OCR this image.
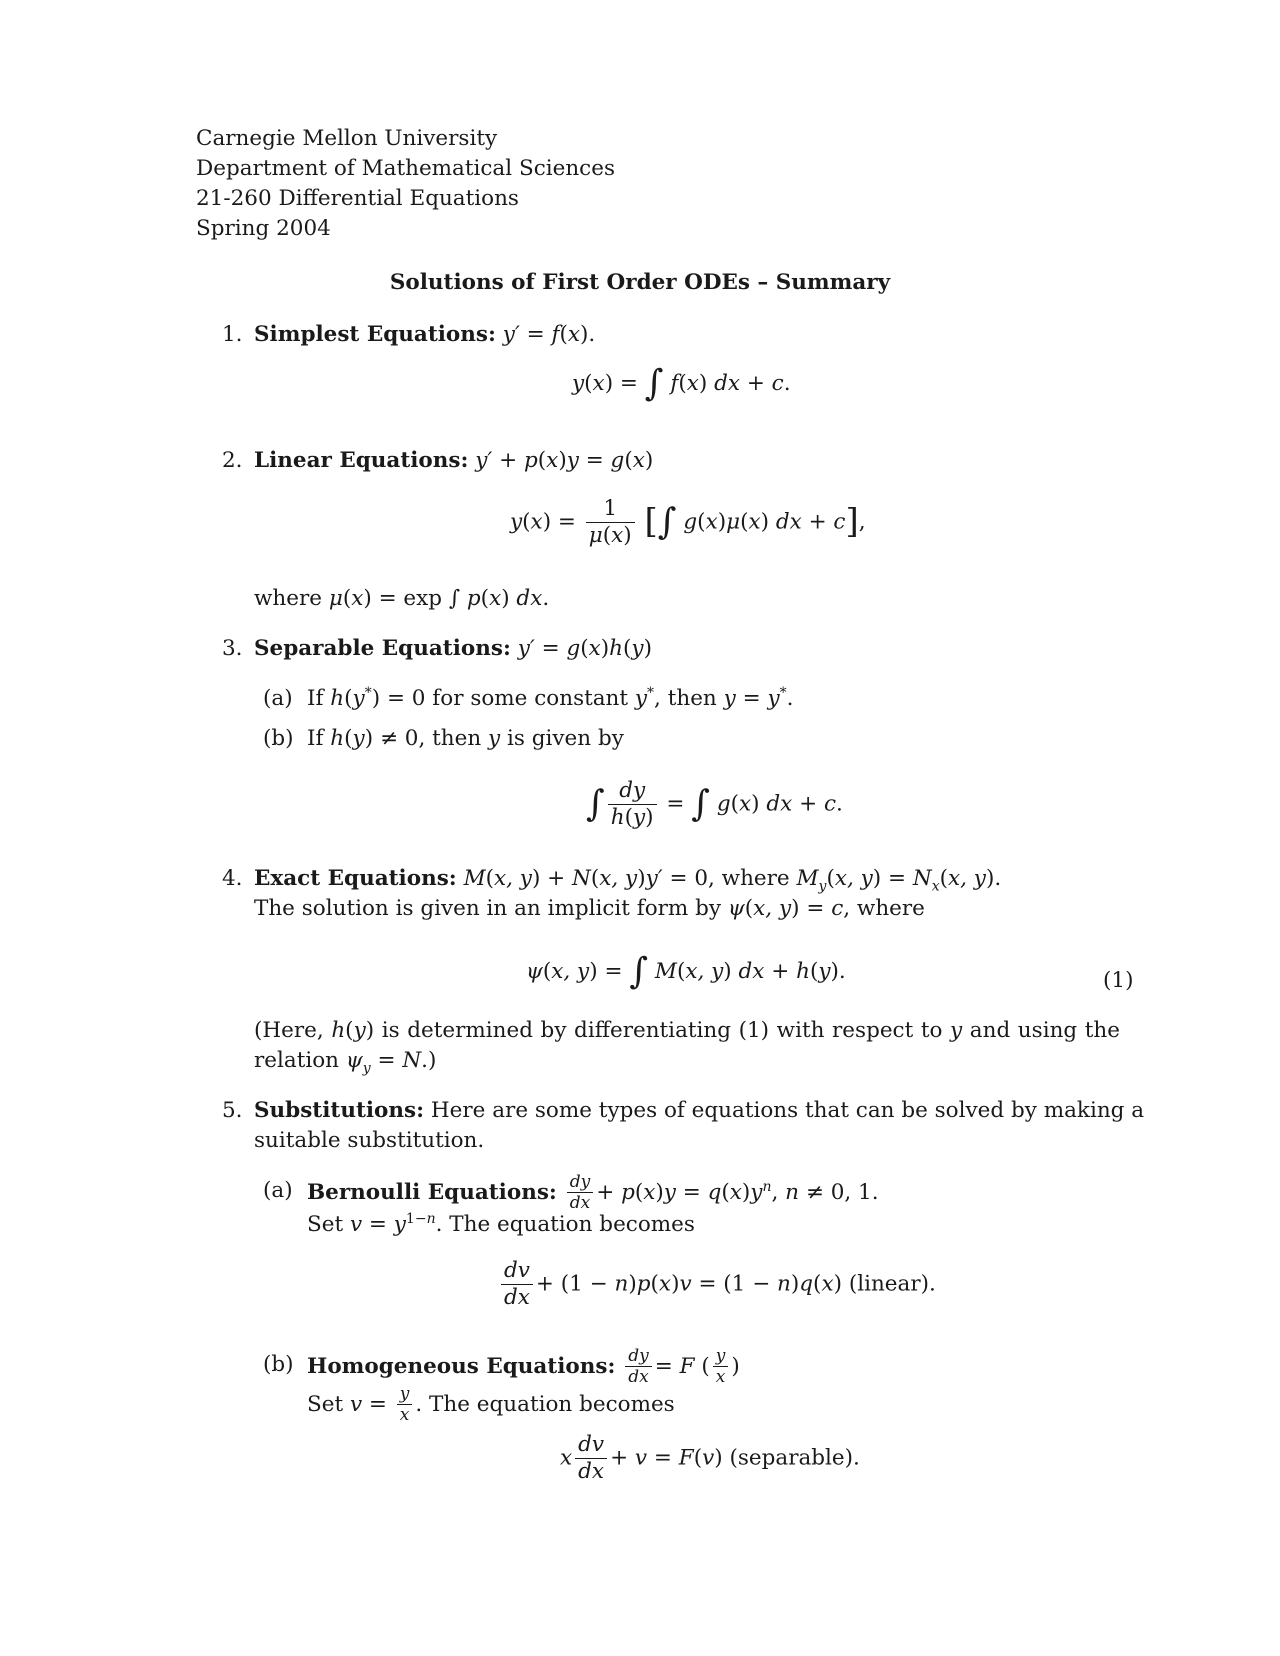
Carnegie Mellon University
Department of Mathematical Sciences
21-260 Differential Equations
Spring 2004
Solutions of First Order ODEs – Summary
1. Simplest Equations: y′ = f(x).
y(x) = ∫ f(x) dx + c.
2. Linear Equations: y′ + p(x)y = g(x)
$y(x) = \frac{1}{\mu(x)}$ [∫ g(x)μ(x) dx + c],
where μ(x) = exp ∫ p(x) dx.
3. Separable Equations: y′ = g(x)h(y)
(a) If h(y*) = 0 for some constant y*, then y = y*.
(b) If h(y) ≠ 0, then y is given by
∫ $\frac{dy}{h(y)}$ = ∫ g(x) dx + c.
4. Exact Equations: M(x, y) + N(x, y)y′ = 0, where $M_y(x$, $y) = N_x(x$, y).
The solution is given in an implicit form by ψ(x, y) = c, where
ψ(x, y) = ∫ M(x, y) dx + h(y).	(1)
(Here, h(y) is determined by differentiating (1) with respect to y and using the
relation $\psi_y = N$.)
5. Substitutions: Here are some types of equations that can be solved by making a
suitable substitution.
(a) Bernoulli Equations: $\frac{dy}{dx} + p(x)y = q(x)y^n$, n ≠ 0, 1.
Set $v = y^{1-n}$. The equation becomes
$\frac{dv}{dx} + (1 - n)p(x)v = (1 - n)q(x)$ (linear).
(b) Homogeneous Equations: $\frac{dy}{dx} = F$ ( $\frac{y}{x}$ )
Set $v = \frac{y}{x}$ . The equation becomes
x $\frac{dv}{dx} + v = F(v)$ (separable).
